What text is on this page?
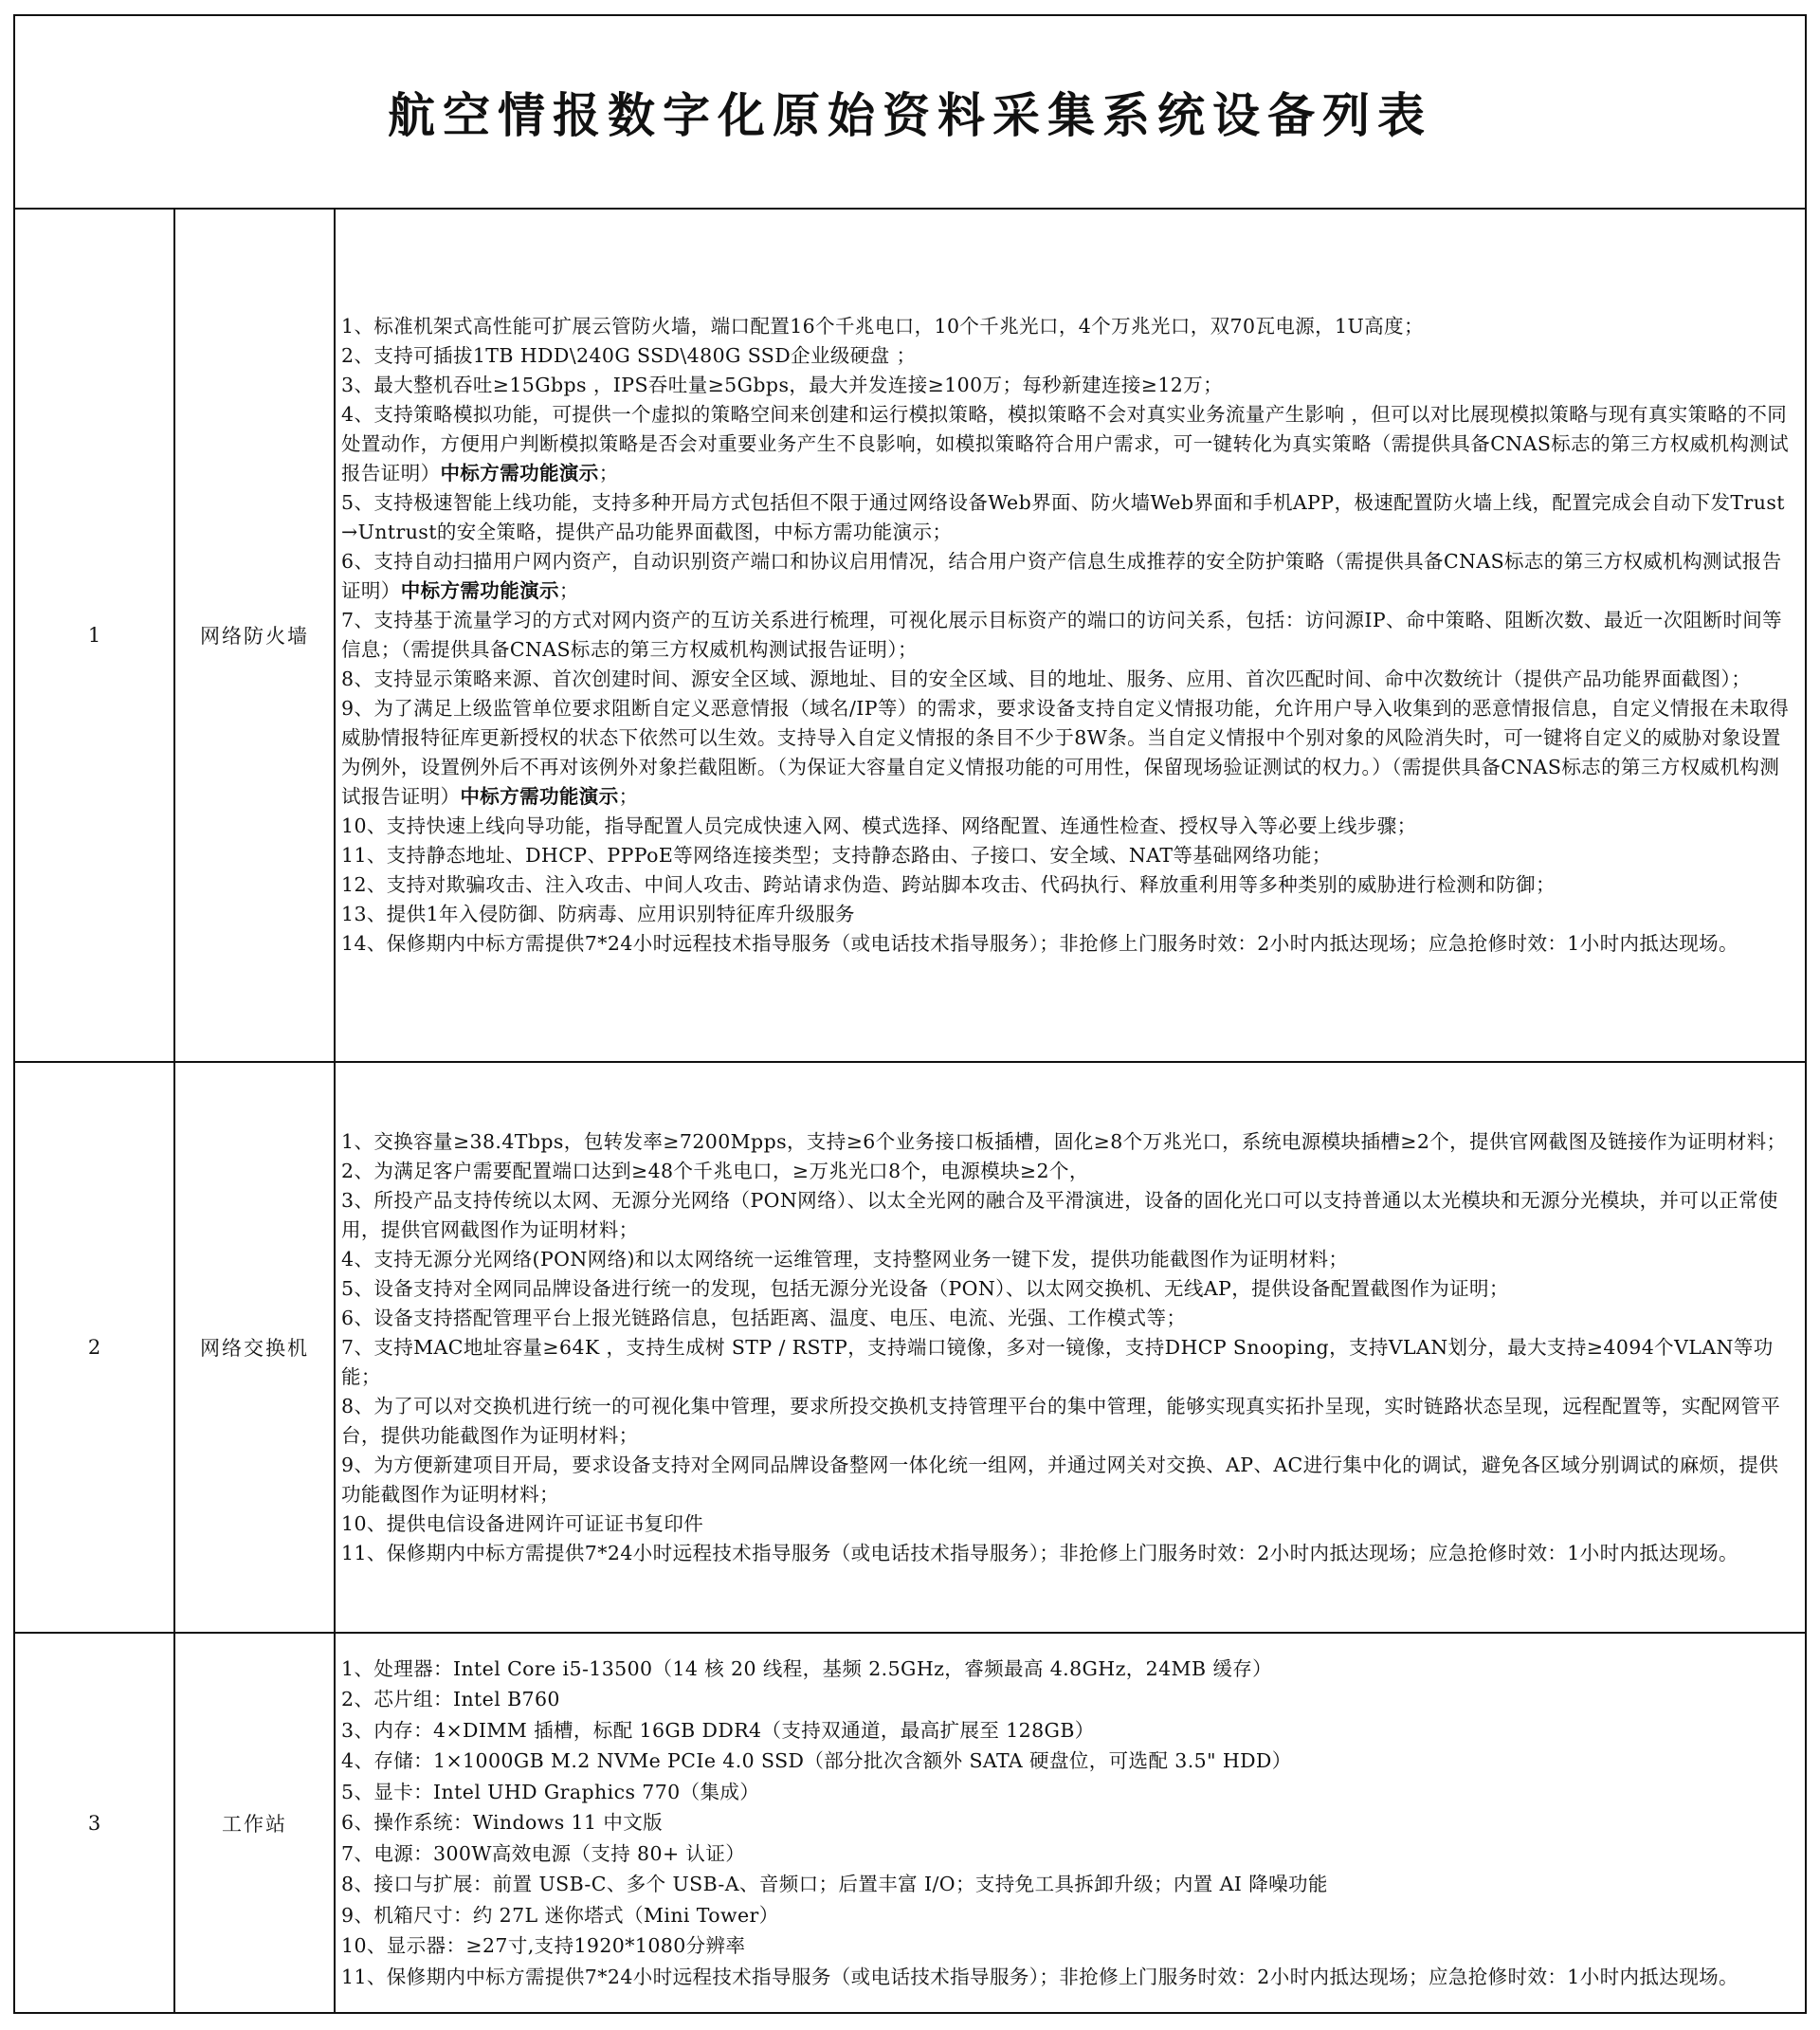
航空情报数字化原始资料采集系统设备列表
1	网络防火墙
1、标准机架式高性能可扩展云管防火墙，端口配置16个千兆电口，10个千兆光口，4个万兆光口，双70瓦电源，1U高度；
2、支持可插拔1TB HDD\240G SSD\480G SSD企业级硬盘 ；
3、最大整机吞吐≥15Gbps ，IPS吞吐量≥5Gbps，最大并发连接≥100万；每秒新建连接≥12万；
4、支持策略模拟功能，可提供一个虚拟的策略空间来创建和运行模拟策略，模拟策略不会对真实业务流量产生影响 ，但可以对比展现模拟策略与现有真实策略的不同处置动作，方便用户判断模拟策略是否会对重要业务产生不良影响，如模拟策略符合用户需求，可一键转化为真实策略（需提供具备CNAS标志的第三方权威机构测试报告证明）中标方需功能演示；
5、支持极速智能上线功能，支持多种开局方式包括但不限于通过网络设备Web界面、防火墙Web界面和手机APP，极速配置防火墙上线，配置完成会自动下发Trust→Untrust的安全策略，提供产品功能界面截图，中标方需功能演示；
6、支持自动扫描用户网内资产，自动识别资产端口和协议启用情况，结合用户资产信息生成推荐的安全防护策略（需提供具备CNAS标志的第三方权威机构测试报告证明）中标方需功能演示；
7、支持基于流量学习的方式对网内资产的互访关系进行梳理，可视化展示目标资产的端口的访问关系，包括：访问源IP、命中策略、阻断次数、最近一次阻断时间等信息；（需提供具备CNAS标志的第三方权威机构测试报告证明）；
8、支持显示策略来源、首次创建时间、源安全区域、源地址、目的安全区域、目的地址、服务、应用、首次匹配时间、命中次数统计（提供产品功能界面截图）；
9、为了满足上级监管单位要求阻断自定义恶意情报（域名/IP等）的需求，要求设备支持自定义情报功能，允许用户导入收集到的恶意情报信息，自定义情报在未取得威胁情报特征库更新授权的状态下依然可以生效。支持导入自定义情报的条目不少于8W条。当自定义情报中个别对象的风险消失时，可一键将自定义的威胁对象设置为例外，设置例外后不再对该例外对象拦截阻断。（为保证大容量自定义情报功能的可用性，保留现场验证测试的权力。）（需提供具备CNAS标志的第三方权威机构测试报告证明）中标方需功能演示；
10、支持快速上线向导功能，指导配置人员完成快速入网、模式选择、网络配置、连通性检查、授权导入等必要上线步骤；
11、支持静态地址、DHCP、PPPoE等网络连接类型；支持静态路由、子接口、安全域、NAT等基础网络功能；
12、支持对欺骗攻击、注入攻击、中间人攻击、跨站请求伪造、跨站脚本攻击、代码执行、释放重利用等多种类别的威胁进行检测和防御；
13、提供1年入侵防御、防病毒、应用识别特征库升级服务
14、保修期内中标方需提供7*24小时远程技术指导服务（或电话技术指导服务）；非抢修上门服务时效：2小时内抵达现场；应急抢修时效：1小时内抵达现场。
2	网络交换机
1、交换容量≥38.4Tbps，包转发率≥7200Mpps，支持≥6个业务接口板插槽，固化≥8个万兆光口，系统电源模块插槽≥2个，提供官网截图及链接作为证明材料；
2、为满足客户需要配置端口达到≥48个千兆电口，≥万兆光口8个，电源模块≥2个，
3、所投产品支持传统以太网、无源分光网络（PON网络）、以太全光网的融合及平滑演进，设备的固化光口可以支持普通以太光模块和无源分光模块，并可以正常使用，提供官网截图作为证明材料；
4、支持无源分光网络(PON网络)和以太网络统一运维管理，支持整网业务一键下发，提供功能截图作为证明材料；
5、设备支持对全网同品牌设备进行统一的发现，包括无源分光设备（PON）、以太网交换机、无线AP，提供设备配置截图作为证明；
6、设备支持搭配管理平台上报光链路信息，包括距离、温度、电压、电流、光强、工作模式等；
7、支持MAC地址容量≥64K ，支持生成树 STP / RSTP，支持端口镜像，多对一镜像，支持DHCP Snooping，支持VLAN划分，最大支持≥4094个VLAN等功能；
8、为了可以对交换机进行统一的可视化集中管理，要求所投交换机支持管理平台的集中管理，能够实现真实拓扑呈现，实时链路状态呈现，远程配置等，实配网管平台，提供功能截图作为证明材料；
9、为方便新建项目开局，要求设备支持对全网同品牌设备整网一体化统一组网，并通过网关对交换、AP、AC进行集中化的调试，避免各区域分别调试的麻烦，提供功能截图作为证明材料；
10、提供电信设备进网许可证证书复印件
11、保修期内中标方需提供7*24小时远程技术指导服务（或电话技术指导服务）；非抢修上门服务时效：2小时内抵达现场；应急抢修时效：1小时内抵达现场。
3	工作站
1、处理器：Intel Core i5-13500（14 核 20 线程，基频 2.5GHz，睿频最高 4.8GHz，24MB 缓存）
2、芯片组：Intel B760
3、内存：4×DIMM 插槽，标配 16GB DDR4（支持双通道，最高扩展至 128GB）
4、存储：1×1000GB M.2 NVMe PCIe 4.0 SSD（部分批次含额外 SATA 硬盘位，可选配 3.5" HDD）
5、显卡：Intel UHD Graphics 770（集成）
6、操作系统：Windows 11 中文版
7、电源：300W高效电源（支持 80+ 认证）
8、接口与扩展：前置 USB-C、多个 USB-A、音频口；后置丰富 I/O；支持免工具拆卸升级；内置 AI 降噪功能
9、机箱尺寸：约 27L 迷你塔式（Mini Tower）
10、显示器：≥27寸,支持1920*1080分辨率
11、保修期内中标方需提供7*24小时远程技术指导服务（或电话技术指导服务）；非抢修上门服务时效：2小时内抵达现场；应急抢修时效：1小时内抵达现场。
